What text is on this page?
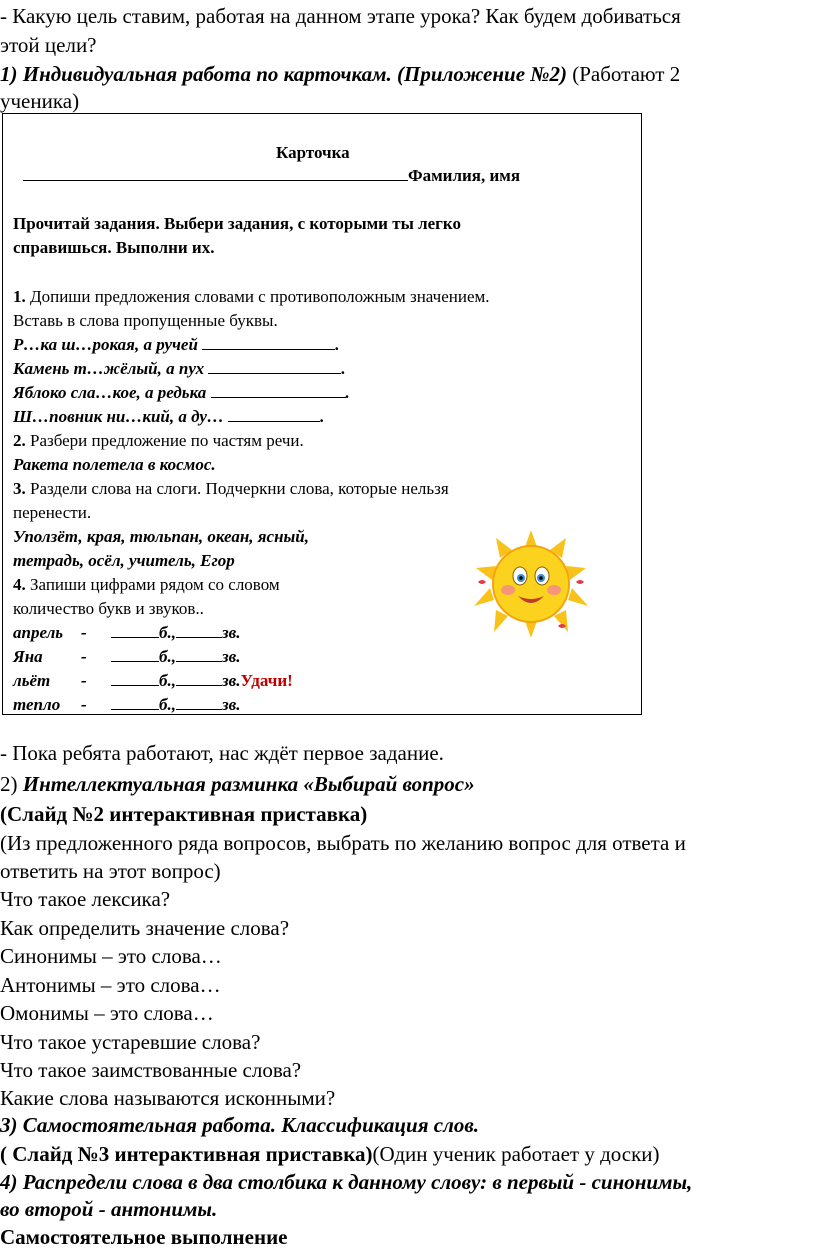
- Какую цель ставим, работая на данном этапе урока? Как будем добиваться
этой цели?
1) Индивидуальная работа по карточкам. (Приложение №2) (Работают 2
ученика)
Карточка
Фамилия, имя
Прочитай задания. Выбери задания, с которыми ты легко
справишься. Выполни их.
1. Допиши предложения словами с противоположным значением.
Вставь в слова пропущенные буквы.
Р…ка ш…рокая, а ручей	.
Камень т…жёлый, а пух	.
Яблоко сла…кое, а редька	.
Ш…повник ни…кий, а ду…	.
2. Разбери предложение по частям речи.
Ракета полетела в космос.
3. Раздели слова на слоги. Подчеркни слова, которые нельзя
перенести.
Уползёт, края, тюльпан, океан, ясный,
тетрадь, осёл, учитель, Егор
4. Запиши цифрами рядом со словом
количество букв и звуков..
апрель -	б.,	зв.
Яна -	б.,	зв.
льёт -	б.,	зв.Удачи!
тепло -	б.,	зв.
- Пока ребята работают, нас ждёт первое задание.
2) Интеллектуальная разминка «Выбирай вопрос»
(Слайд №2 интерактивная приставка)
(Из предложенного ряда вопросов, выбрать по желанию вопрос для ответа и
ответить на этот вопрос)
Что такое лексика?
Как определить значение слова?
Синонимы – это слова…
Антонимы – это слова…
Омонимы – это слова…
Что такое устаревшие слова?
Что такое заимствованные слова?
Какие слова называются исконными?
3) Самостоятельная работа. Классификация слов.
( Слайд №3 интерактивная приставка)(Один ученик работает у доски)
4) Распредели слова в два столбика к данному слову: в первый - синонимы,
во второй - антонимы.
Самостоятельное выполнение
